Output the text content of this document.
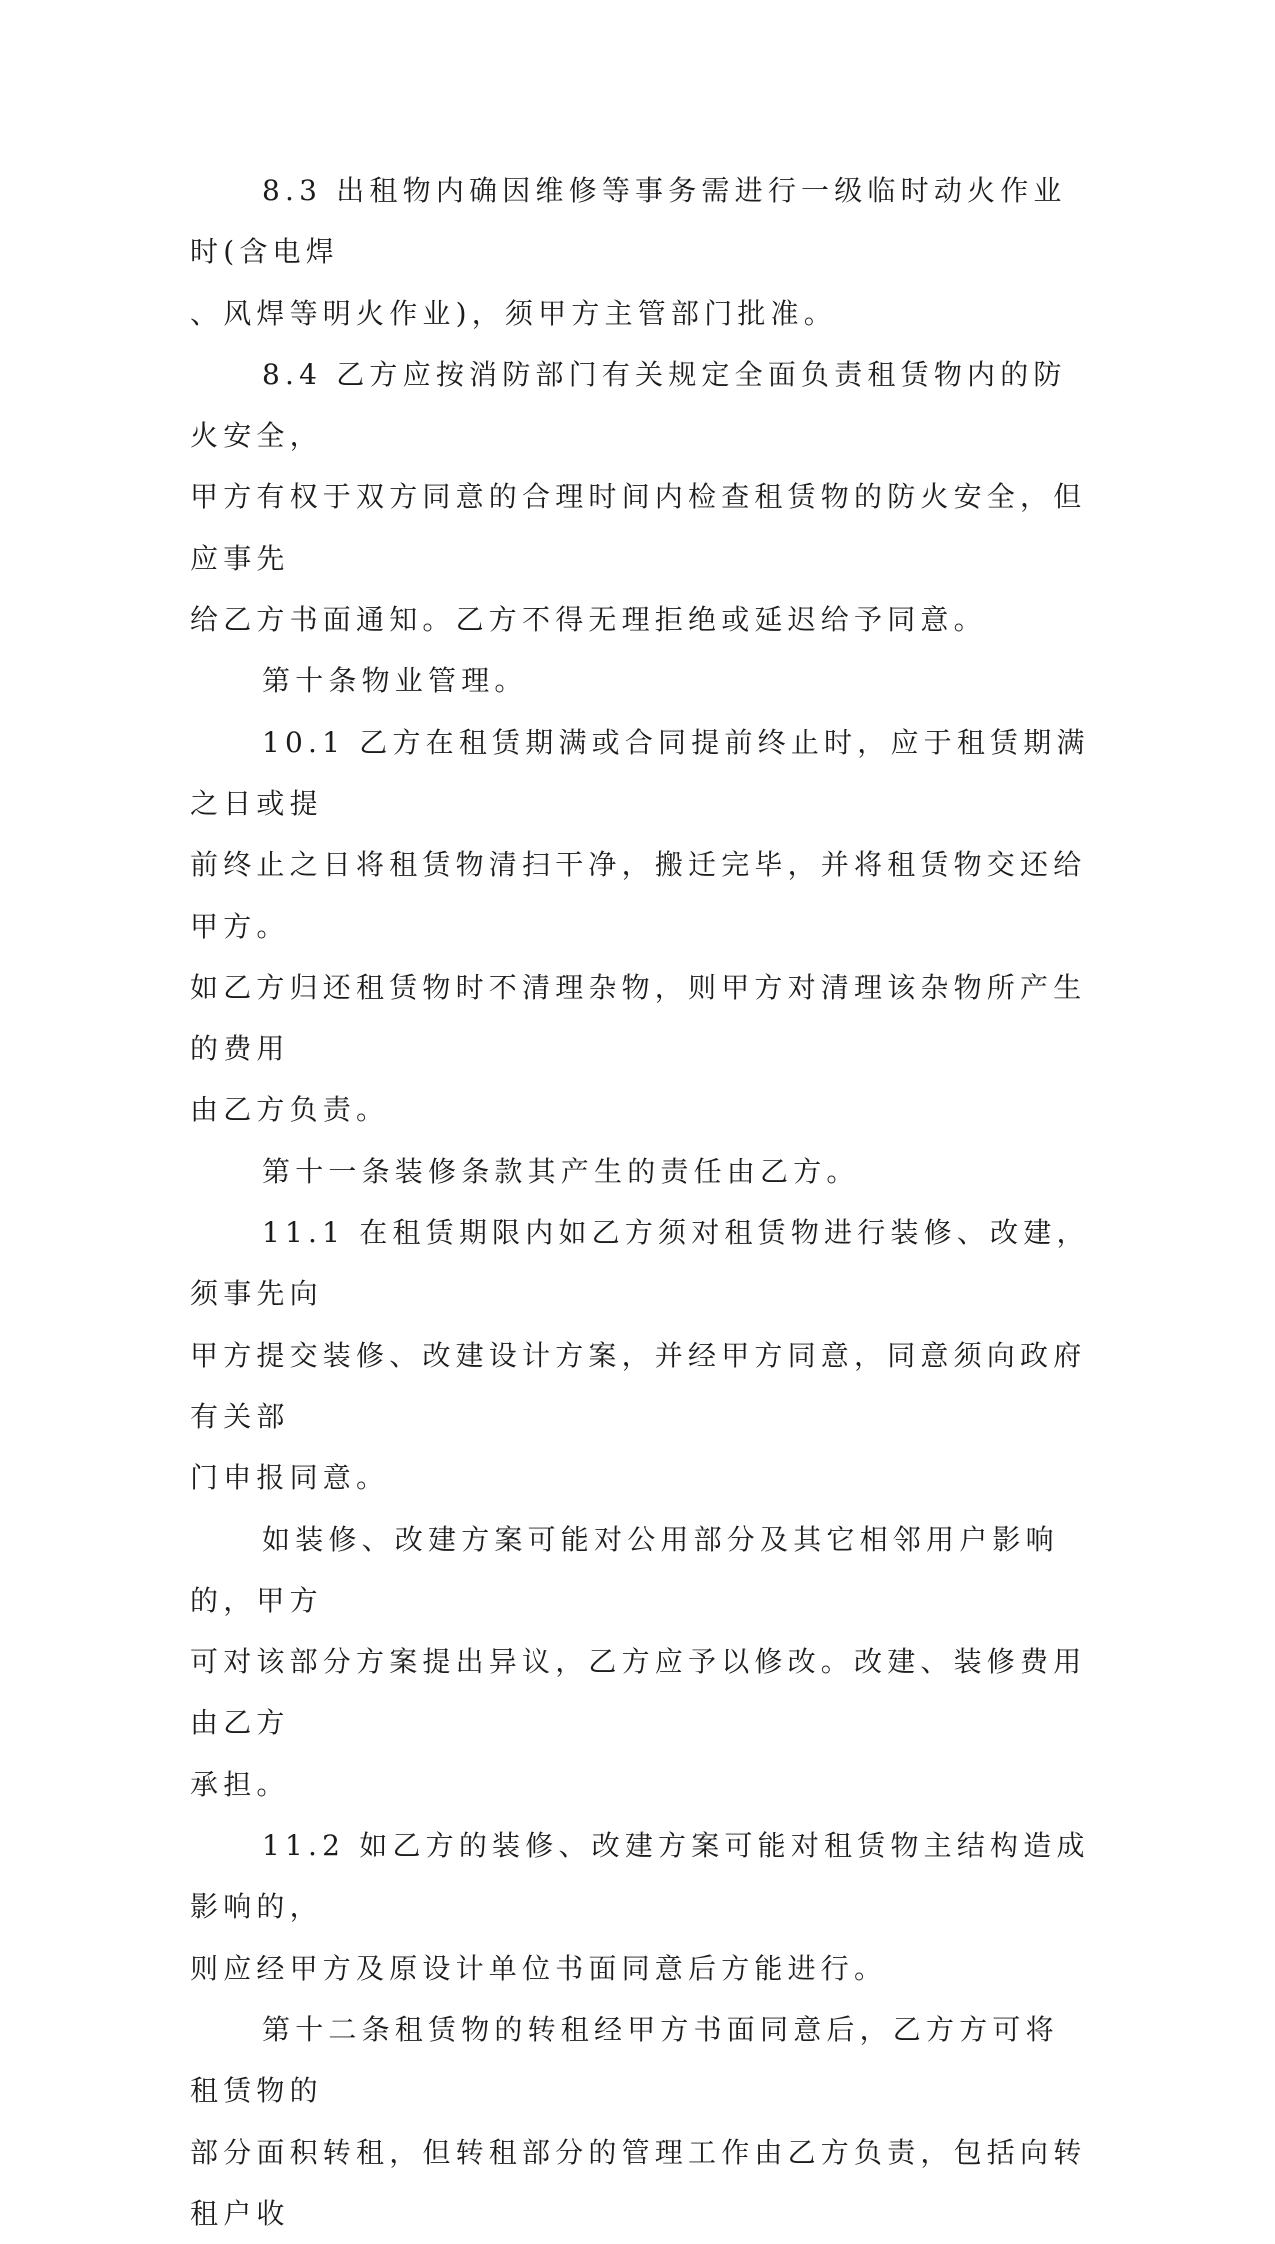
8.3 出租物内确因维修等事务需进行一级临时动火作业时(含电焊
、风焊等明火作业)，须甲方主管部门批准。

8.4 乙方应按消防部门有关规定全面负责租赁物内的防火安全，
甲方有权于双方同意的合理时间内检查租赁物的防火安全，但应事先
给乙方书面通知。乙方不得无理拒绝或延迟给予同意。

第十条物业管理。

10.1 乙方在租赁期满或合同提前终止时，应于租赁期满之日或提
前终止之日将租赁物清扫干净，搬迁完毕，并将租赁物交还给甲方。
如乙方归还租赁物时不清理杂物，则甲方对清理该杂物所产生的费用
由乙方负责。

第十一条装修条款其产生的责任由乙方。

11.1 在租赁期限内如乙方须对租赁物进行装修、改建，须事先向
甲方提交装修、改建设计方案，并经甲方同意，同意须向政府有关部
门申报同意。

如装修、改建方案可能对公用部分及其它相邻用户影响的，甲方
可对该部分方案提出异议，乙方应予以修改。改建、装修费用由乙方
承担。

11.2 如乙方的装修、改建方案可能对租赁物主结构造成影响的，
则应经甲方及原设计单位书面同意后方能进行。

第十二条租赁物的转租经甲方书面同意后，乙方方可将租赁物的
部分面积转租，但转租部分的管理工作由乙方负责，包括向转租户收
